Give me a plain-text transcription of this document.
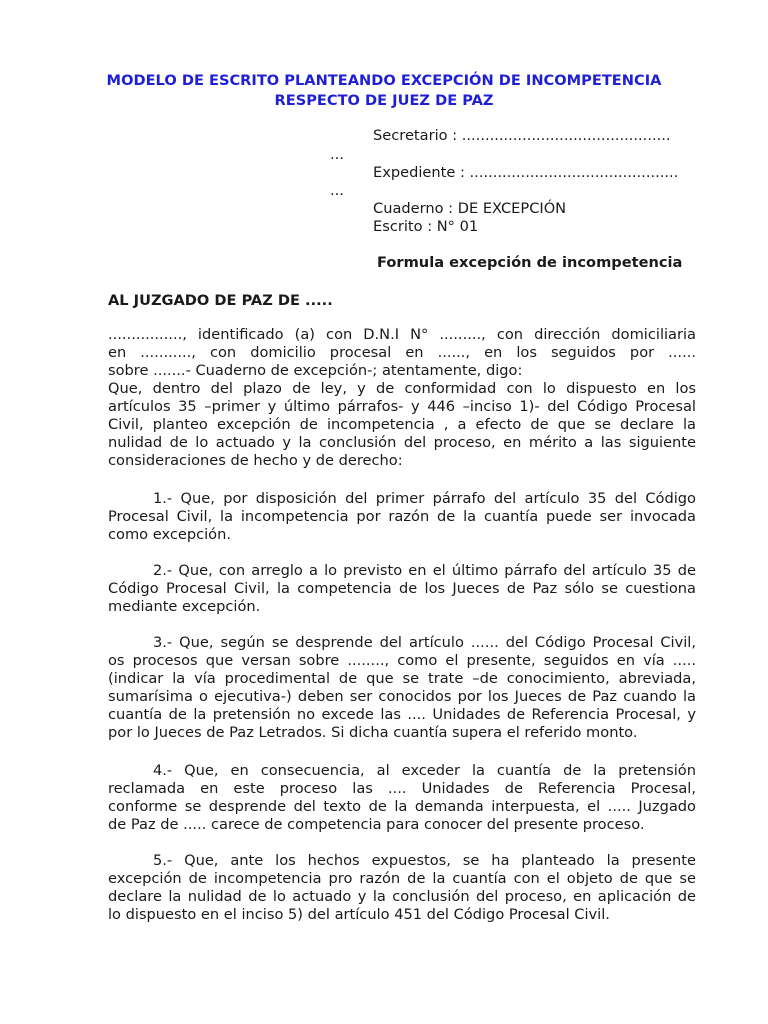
MODELO DE ESCRITO PLANTEANDO EXCEPCIÓN DE INCOMPETENCIA
RESPECTO DE JUEZ DE PAZ
Secretario : .............................................
...
Expediente : .............................................
...
Cuaderno : DE EXCEPCIÓN
Escrito : N° 01
Formula excepción de incompetencia
AL JUZGADO DE PAZ DE .....
................, identificado (a) con D.N.I N° ........., con dirección domiciliaria
en ..........., con domicilio procesal en ......, en los seguidos por ......
sobre .......- Cuaderno de excepción-; atentamente, digo:
Que, dentro del plazo de ley, y de conformidad con lo dispuesto en los
artículos 35 –primer y último párrafos- y 446 –inciso 1)- del Código Procesal
Civil, planteo excepción de incompetencia , a efecto de que se declare la
nulidad de lo actuado y la conclusión del proceso, en mérito a las siguiente
consideraciones de hecho y de derecho:
1.- Que, por disposición del primer párrafo del artículo 35 del Código
Procesal Civil, la incompetencia por razón de la cuantía puede ser invocada
como excepción.
2.- Que, con arreglo a lo previsto en el último párrafo del artículo 35 de
Código Procesal Civil, la competencia de los Jueces de Paz sólo se cuestiona
mediante excepción.
3.- Que, según se desprende del artículo ...... del Código Procesal Civil,
os procesos que versan sobre ........, como el presente, seguidos en vía .....
(indicar la vía procedimental de que se trate –de conocimiento, abreviada,
sumarísima o ejecutiva-) deben ser conocidos por los Jueces de Paz cuando la
cuantía de la pretensión no excede las .... Unidades de Referencia Procesal, y
por lo Jueces de Paz Letrados. Si dicha cuantía supera el referido monto.
4.- Que, en consecuencia, al exceder la cuantía de la pretensión
reclamada en este proceso las .... Unidades de Referencia Procesal,
conforme se desprende del texto de la demanda interpuesta, el ..... Juzgado
de Paz de ..... carece de competencia para conocer del presente proceso.
5.- Que, ante los hechos expuestos, se ha planteado la presente
excepción de incompetencia pro razón de la cuantía con el objeto de que se
declare la nulidad de lo actuado y la conclusión del proceso, en aplicación de
lo dispuesto en el inciso 5) del artículo 451 del Código Procesal Civil.
